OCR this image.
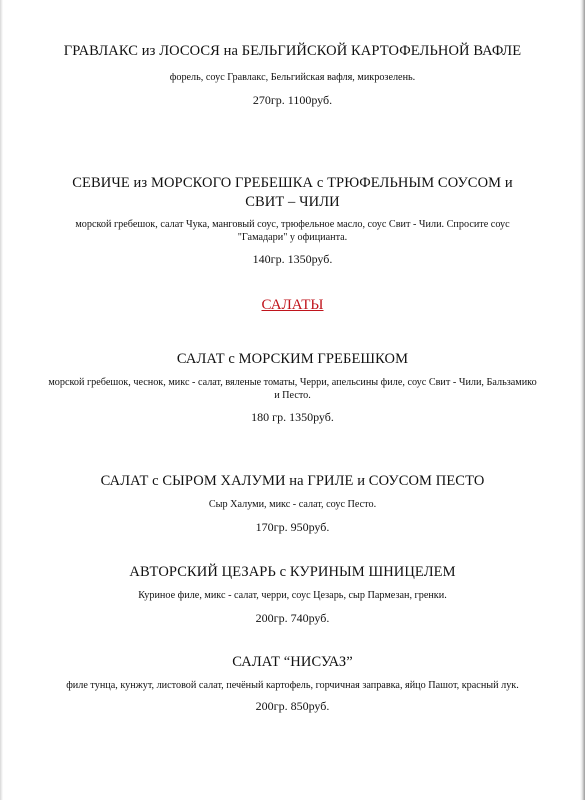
ГРАВЛАКС из ЛОСОСЯ на БЕЛЬГИЙСКОЙ КАРТОФЕЛЬНОЙ ВАФЛЕ
форель, соус Гравлакс, Бельгийская вафля, микрозелень.
270гр. 1100руб.
СЕВИЧЕ из МОРСКОГО ГРЕБЕШКА с ТРЮФЕЛЬНЫМ СОУСОМ и СВИТ – ЧИЛИ
морской гребешок, салат Чука, манговый соус, трюфельное масло, соус Свит - Чили. Спросите соус "Гамадари" у официанта.
140гр. 1350руб.
САЛАТЫ
САЛАТ с МОРСКИМ ГРЕБЕШКОМ
морской гребешок, чеснок, микс - салат, вяленые томаты, Черри, апельсины филе, соус Свит - Чили, Бальзамико и Песто.
180 гр. 1350руб.
САЛАТ с СЫРОМ ХАЛУМИ на ГРИЛЕ и СОУСОМ ПЕСТО
Сыр Халуми, микс - салат, соус Песто.
170гр. 950руб.
АВТОРСКИЙ ЦЕЗАРЬ с КУРИНЫМ ШНИЦЕЛЕМ
Куриное филе, микс - салат, черри, соус Цезарь, сыр Пармезан, гренки.
200гр. 740руб.
САЛАТ “НИСУАЗ”
филе тунца, кунжут, листовой салат, печёный картофель, горчичная заправка, яйцо Пашот, красный лук.
200гр. 850руб.
